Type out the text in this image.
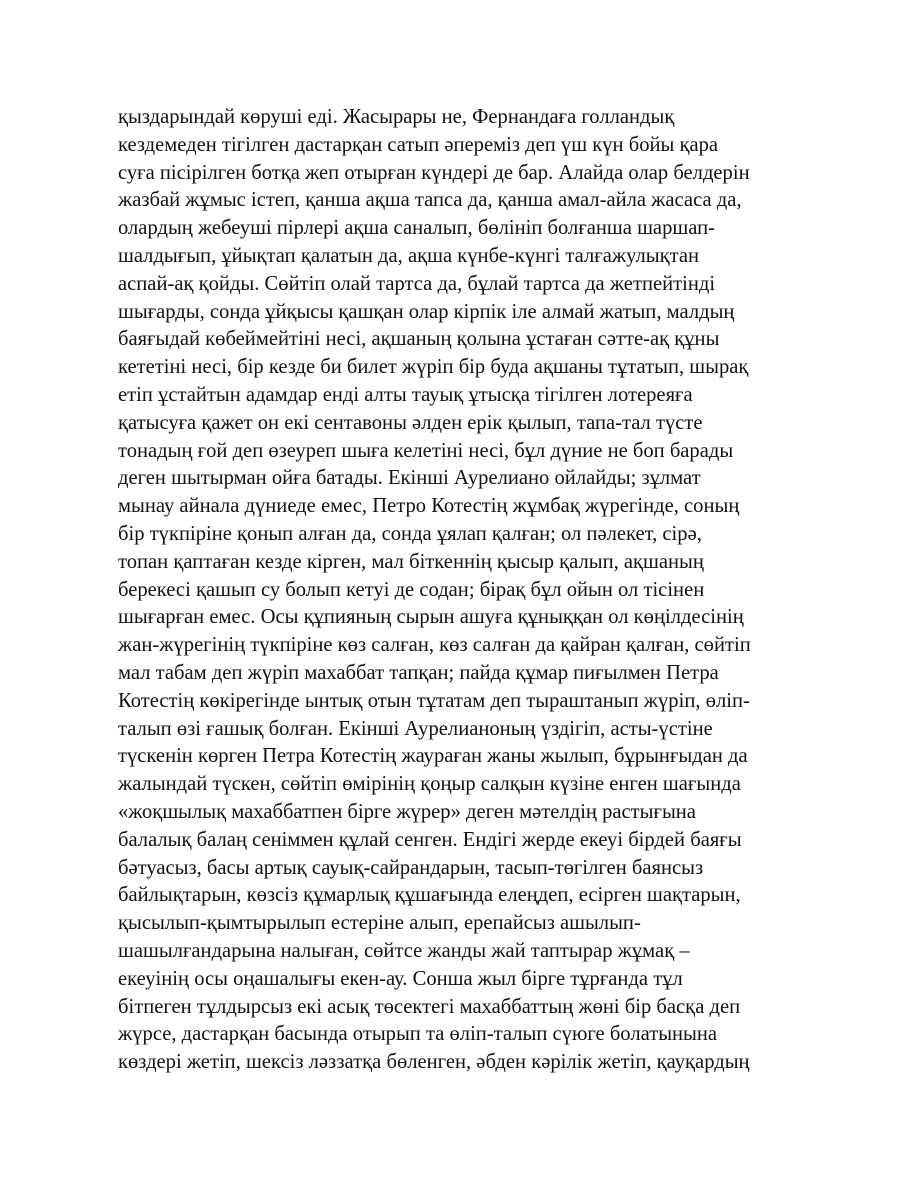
қыздарындай көруші еді. Жасырары не, Фернандаға голландық
кездемеден тігілген дастарқан сатып әпереміз деп үш күн бойы қара
суға пісірілген ботқа жеп отырған күндері де бар. Алайда олар белдерін
жазбай жұмыс істеп, қанша ақша тапса да, қанша амал-айла жасаса да,
олардың жебеуші пірлері ақша саналып, бөлініп болғанша шаршап-
шалдығып, ұйықтап қалатын да, ақша күнбе-күнгі талғажулықтан
аспай-ақ қойды. Сөйтіп олай тартса да, бұлай тартса да жетпейтінді
шығарды, сонда ұйқысы қашқан олар кірпік іле алмай жатып, малдың
баяғыдай көбеймейтіні несі, ақшаның қолына ұстаған сәтте-ақ құны
кететіні несі, бір кезде би билет жүріп бір буда ақшаны тұтатып, шырақ
етіп ұстайтын адамдар енді алты тауық ұтысқа тігілген лотереяға
қатысуға қажет он екі сентавоны әлден ерік қылып, тапа-тал түсте
тонадың ғой деп өзеуреп шыға келетіні несі, бұл дүние не боп барады
деген шытырман ойға батады. Екінші Аурелиано ойлайды; зұлмат
мынау айнала дүниеде емес, Петро Котестің жұмбақ жүрегінде, соның
бір түкпіріне қонып алған да, сонда ұялап қалған; ол пәлекет, сірә,
топан қаптаған кезде кірген, мал біткеннің қысыр қалып, ақшаның
берекесі қашып су болып кетуі де содан; бірақ бұл ойын ол тісінен
шығарған емес. Осы құпияның сырын ашуға құныққан ол көңілдесінің
жан-жүрегінің түкпіріне көз салған, көз салған да қайран қалған, сөйтіп
мал табам деп жүріп махаббат тапқан; пайда құмар пиғылмен Петра
Котестің көкірегінде ынтық отын тұтатам деп тыраштанып жүріп, өліп-
талып өзі ғашық болған. Екінші Аурелианоның үздігіп, асты-үстіне
түскенін көрген Петра Котестің жаураған жаны жылып, бұрынғыдан да
жалындай түскен, сөйтіп өмірінің қоңыр салқын күзіне енген шағында
«жоқшылық махаббатпен бірге жүрер» деген мәтелдің растығына
балалық балаң сеніммен құлай сенген. Ендігі жерде екеуі бірдей баяғы
бәтуасыз, басы артық сауық-сайрандарын, тасып-төгілген баянсыз
байлықтарын, көзсіз құмарлық құшағында елеңдеп, есірген шақтарын,
қысылып-қымтырылып естеріне алып, ерепайсыз ашылып-
шашылғандарына налыған, сөйтсе жанды жай таптырар жұмақ –
екеуінің осы оңашалығы екен-ау. Сонша жыл бірге тұрғанда тұл
бітпеген тұлдырсыз екі асық төсектегі махаббаттың жөні бір басқа деп
жүрсе, дастарқан басында отырып та өліп-талып сүюге болатынына
көздері жетіп, шексіз ләззатқа бөленген, әбден кәрілік жетіп, қауқардың
